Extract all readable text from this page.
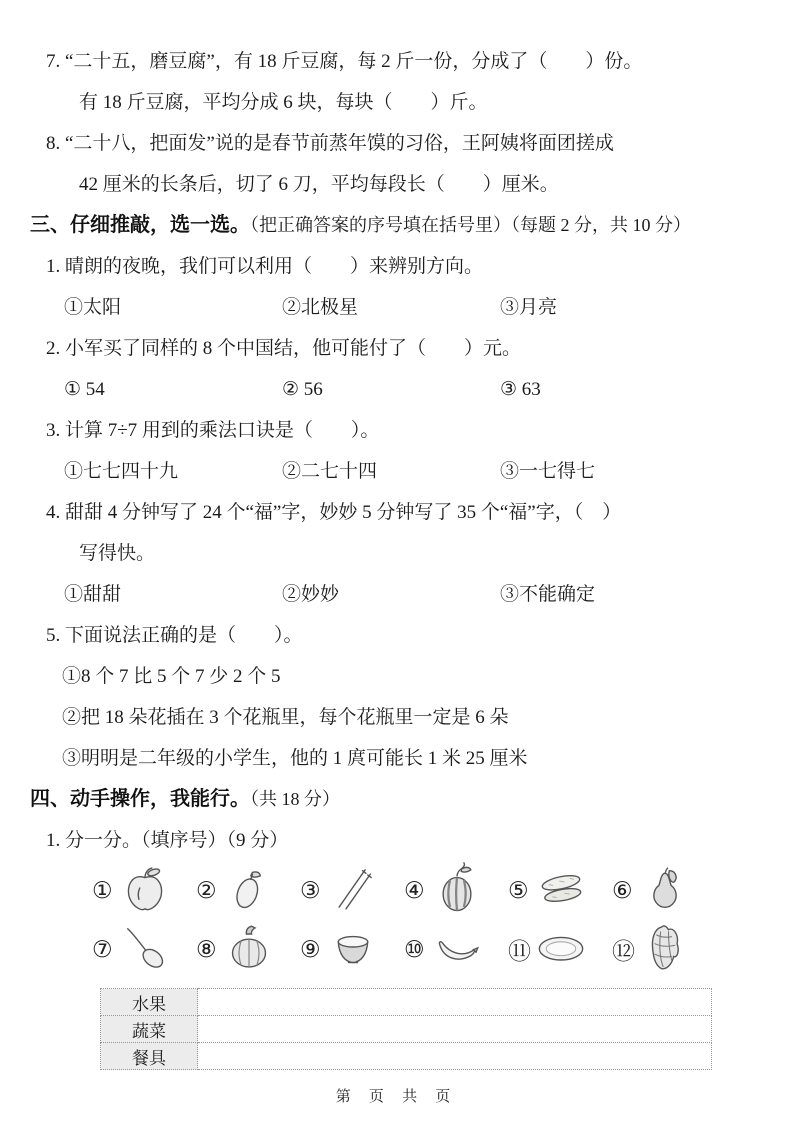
7. “二十五，磨豆腐”，有 18 斤豆腐，每 2 斤一份，分成了（　　）份。
有 18 斤豆腐，平均分成 6 块，每块（　　）斤。
8. “二十八，把面发”说的是春节前蒸年馍的习俗，王阿姨将面团搓成
42 厘米的长条后，切了 6 刀，平均每段长（　　）厘米。
三、仔细推敲，选一选。（把正确答案的序号填在括号里）（每题 2 分，共 10 分）
1. 晴朗的夜晚，我们可以利用（　　）来辨别方向。
①太阳	②北极星	③月亮
2. 小军买了同样的 8 个中国结，他可能付了（　　）元。
① 54	② 56	③ 63
3. 计算 7÷7 用到的乘法口诀是（　　）。
①七七四十九	②二七十四	③一七得七
4. 甜甜 4 分钟写了 24 个“福”字，妙妙 5 分钟写了 35 个“福”字，（　）
写得快。
①甜甜	②妙妙	③不能确定
5. 下面说法正确的是（　　）。
①8 个 7 比 5 个 7 少 2 个 5
②把 18 朵花插在 3 个花瓶里，每个花瓶里一定是 6 朵
③明明是二年级的小学生，他的 1 庹可能长 1 米 25 厘米
四、动手操作，我能行。（共 18 分）
1. 分一分。（填序号）（9 分）
①	②	③	④	⑤	⑥
⑦	⑧	⑨	⑩	⑪	⑫
水果	
蔬菜	
餐具	
第 页 共 页
